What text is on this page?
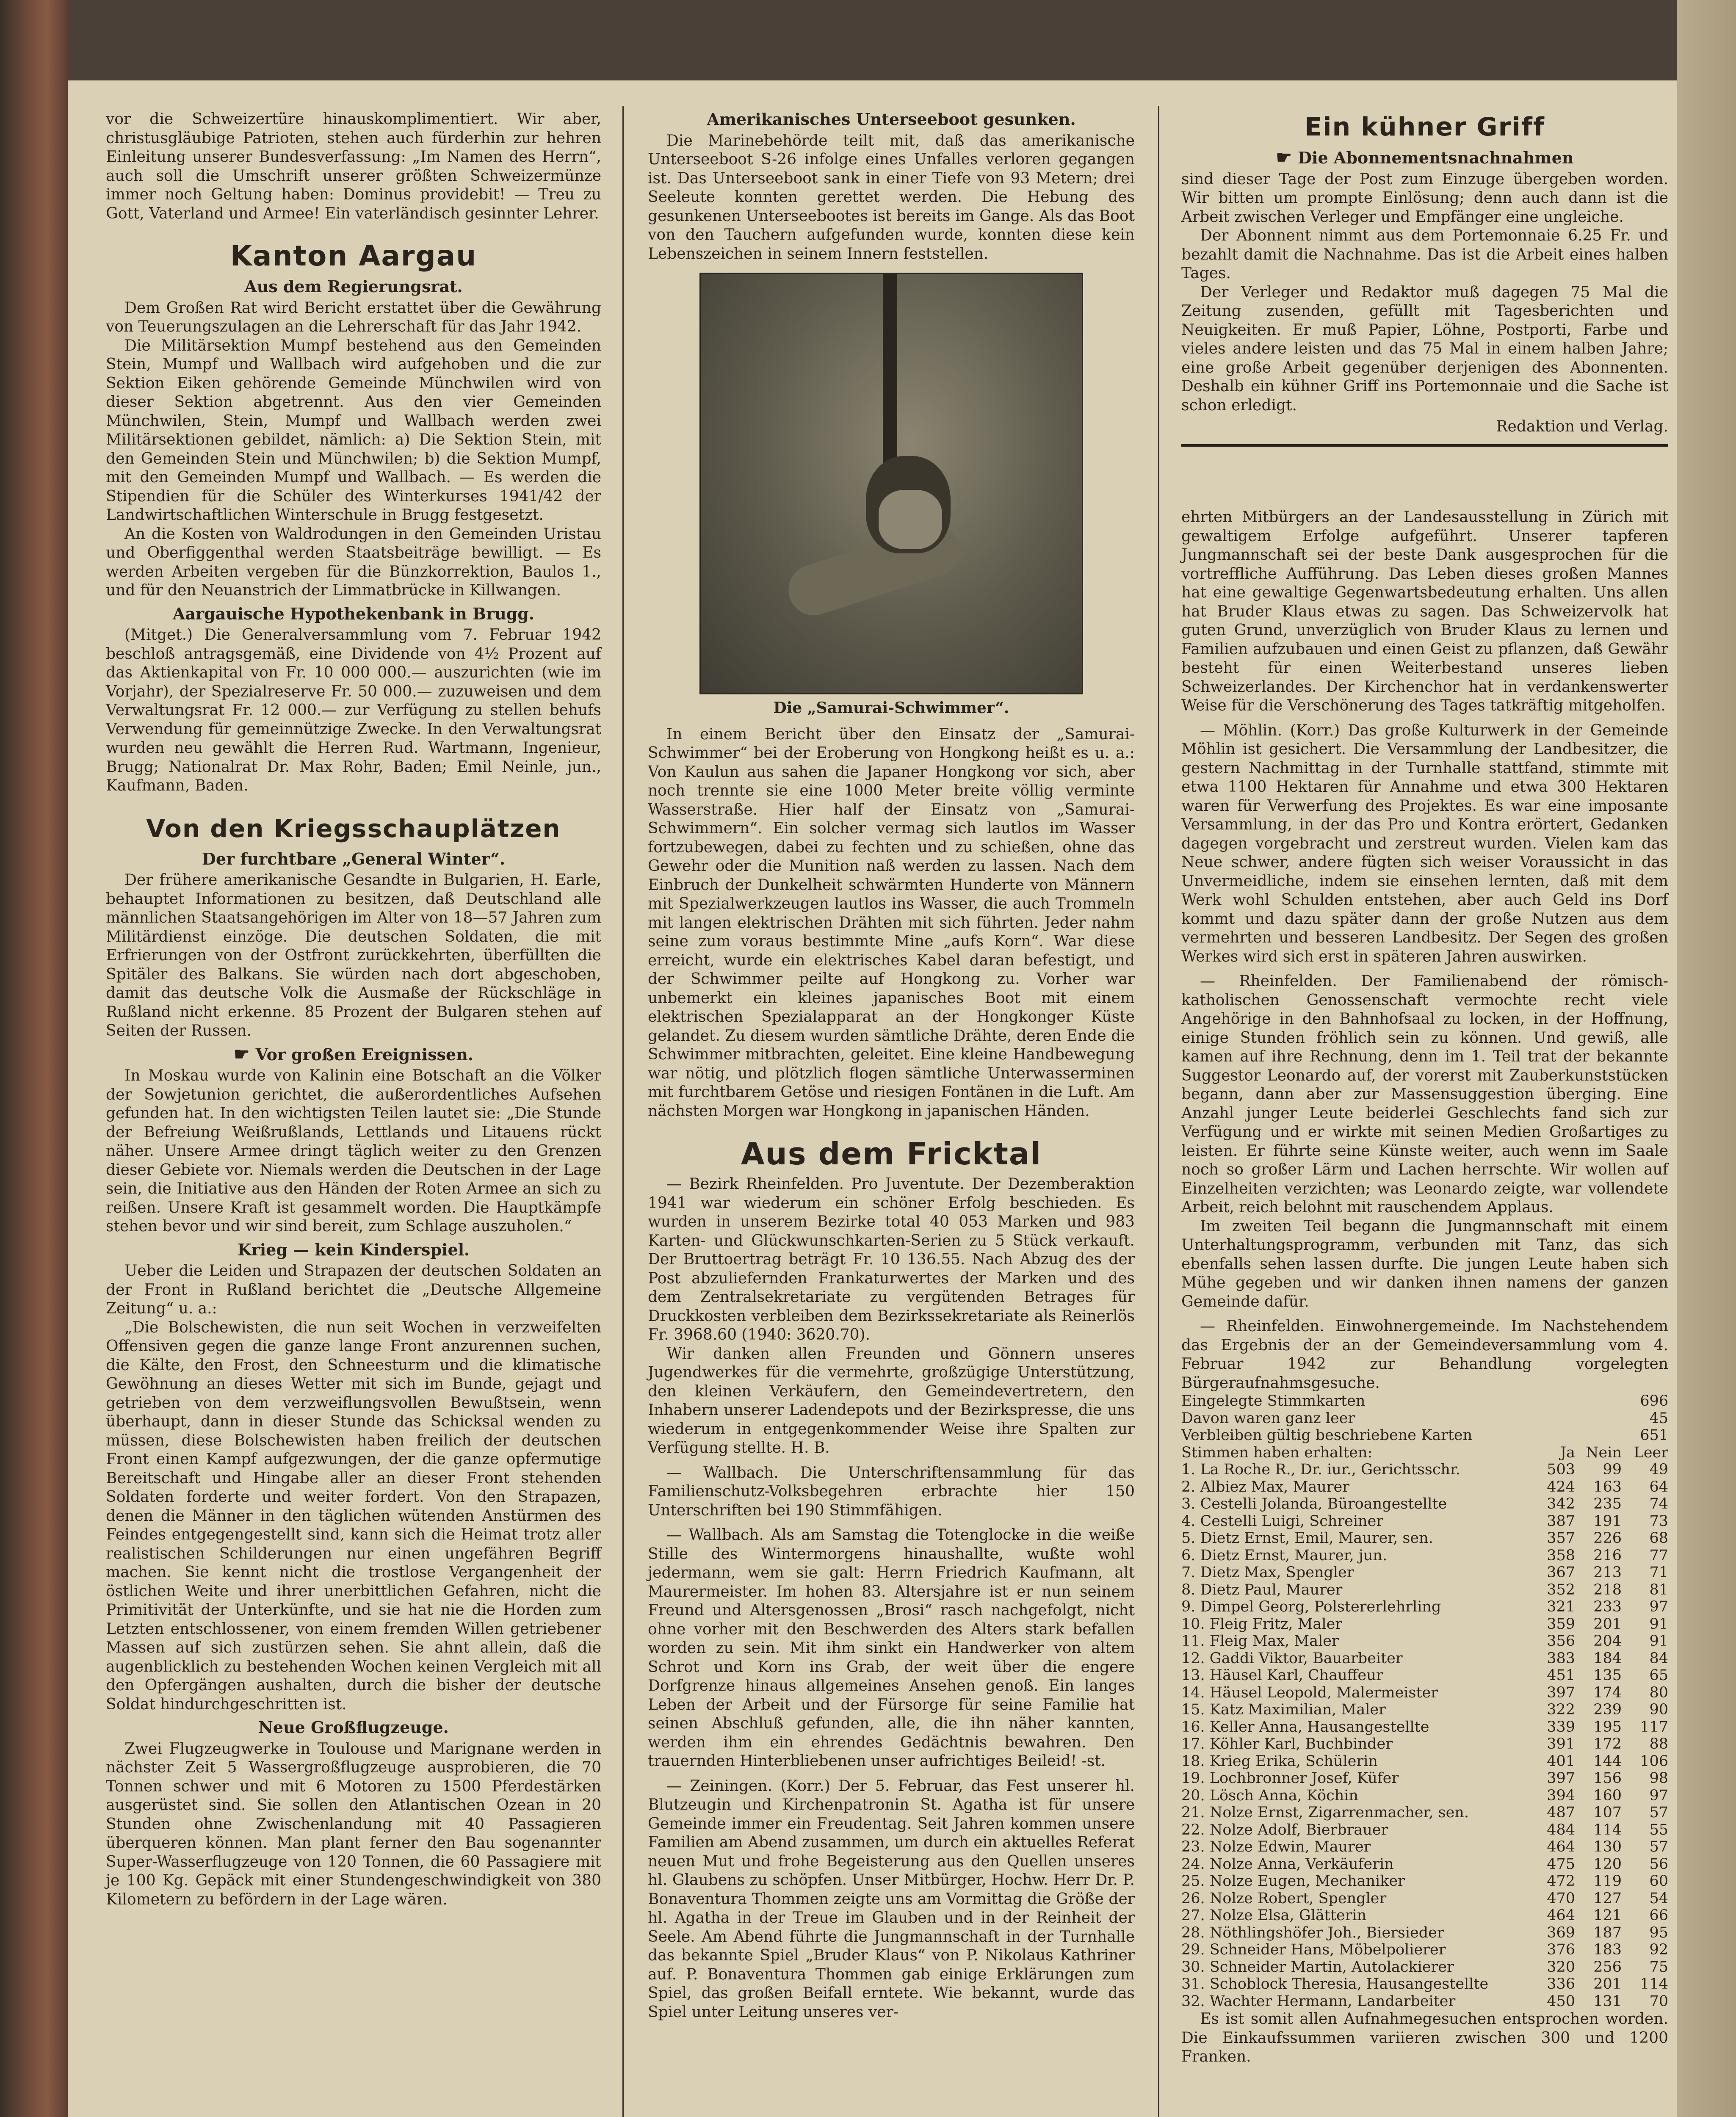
vor die Schweizertüre hinauskomplimentiert. Wir aber, christusgläubige Patrioten, stehen auch fürderhin zur hehren Einleitung unserer Bundesverfassung: „Im Namen des Herrn“, auch soll die Umschrift unserer größten Schweizermünze immer noch Geltung haben: Dominus providebit! — Treu zu Gott, Vaterland und Armee! Ein vaterländisch gesinnter Lehrer.

Kanton Aargau
Aus dem Regierungsrat.

Dem Großen Rat wird Bericht erstattet über die Gewährung von Teuerungszulagen an die Lehrerschaft für das Jahr 1942.

Die Militärsektion Mumpf bestehend aus den Gemeinden Stein, Mumpf und Wallbach wird aufgehoben und die zur Sektion Eiken gehörende Gemeinde Münchwilen wird von dieser Sektion abgetrennt. Aus den vier Gemeinden Münchwilen, Stein, Mumpf und Wallbach werden zwei Militärsektionen gebildet, nämlich: a) Die Sektion Stein, mit den Gemeinden Stein und Münchwilen; b) die Sektion Mumpf, mit den Gemeinden Mumpf und Wallbach. — Es werden die Stipendien für die Schüler des Winterkurses 1941/42 der Landwirtschaftlichen Winterschule in Brugg festgesetzt.

An die Kosten von Waldrodungen in den Gemeinden Uristau und Oberfiggenthal werden Staatsbeiträge bewilligt. — Es werden Arbeiten vergeben für die Bünzkorrektion, Baulos 1., und für den Neuanstrich der Limmatbrücke in Killwangen.

Aargauische Hypothekenbank in Brugg.

(Mitget.) Die Generalversammlung vom 7. Februar 1942 beschloß antragsgemäß, eine Dividende von 4½ Prozent auf das Aktienkapital von Fr. 10 000 000.— auszurichten (wie im Vorjahr), der Spezialreserve Fr. 50 000.— zuzuweisen und dem Verwaltungsrat Fr. 12 000.— zur Verfügung zu stellen behufs Verwendung für gemeinnützige Zwecke. In den Verwaltungsrat wurden neu gewählt die Herren Rud. Wartmann, Ingenieur, Brugg; Nationalrat Dr. Max Rohr, Baden; Emil Neinle, jun., Kaufmann, Baden.

Von den Kriegsschauplätzen
Der furchtbare „General Winter“.

Der frühere amerikanische Gesandte in Bulgarien, H. Earle, behauptet Informationen zu besitzen, daß Deutschland alle männlichen Staatsangehörigen im Alter von 18—57 Jahren zum Militärdienst einzöge. Die deutschen Soldaten, die mit Erfrierungen von der Ostfront zurückkehrten, überfüllten die Spitäler des Balkans. Sie würden nach dort abgeschoben, damit das deutsche Volk die Ausmaße der Rückschläge in Rußland nicht erkenne. 85 Prozent der Bulgaren stehen auf Seiten der Russen.

☛ Vor großen Ereignissen.

In Moskau wurde von Kalinin eine Botschaft an die Völker der Sowjetunion gerichtet, die außerordentliches Aufsehen gefunden hat. In den wichtigsten Teilen lautet sie: „Die Stunde der Befreiung Weißrußlands, Lettlands und Litauens rückt näher. Unsere Armee dringt täglich weiter zu den Grenzen dieser Gebiete vor. Niemals werden die Deutschen in der Lage sein, die Initiative aus den Händen der Roten Armee an sich zu reißen. Unsere Kraft ist gesammelt worden. Die Hauptkämpfe stehen bevor und wir sind bereit, zum Schlage auszuholen.“

Krieg — kein Kinderspiel.

Ueber die Leiden und Strapazen der deutschen Soldaten an der Front in Rußland berichtet die „Deutsche Allgemeine Zeitung“ u. a.:

„Die Bolschewisten, die nun seit Wochen in verzweifelten Offensiven gegen die ganze lange Front anzurennen suchen, die Kälte, den Frost, den Schneesturm und die klimatische Gewöhnung an dieses Wetter mit sich im Bunde, gejagt und getrieben von dem verzweiflungsvollen Bewußtsein, wenn überhaupt, dann in dieser Stunde das Schicksal wenden zu müssen, diese Bolschewisten haben freilich der deutschen Front einen Kampf aufgezwungen, der die ganze opfermutige Bereitschaft und Hingabe aller an dieser Front stehenden Soldaten forderte und weiter fordert. Von den Strapazen, denen die Männer in den täglichen wütenden Anstürmen des Feindes entgegengestellt sind, kann sich die Heimat trotz aller realistischen Schilderungen nur einen ungefähren Begriff machen. Sie kennt nicht die trostlose Vergangenheit der östlichen Weite und ihrer unerbittlichen Gefahren, nicht die Primitivität der Unterkünfte, und sie hat nie die Horden zum Letzten entschlossener, von einem fremden Willen getriebener Massen auf sich zustürzen sehen. Sie ahnt allein, daß die augenblicklich zu bestehenden Wochen keinen Vergleich mit all den Opfergängen aushalten, durch die bisher der deutsche Soldat hindurchgeschritten ist.

Neue Großflugzeuge.

Zwei Flugzeugwerke in Toulouse und Marignane werden in nächster Zeit 5 Wassergroßflugzeuge ausprobieren, die 70 Tonnen schwer und mit 6 Motoren zu 1500 Pferdestärken ausgerüstet sind. Sie sollen den Atlantischen Ozean in 20 Stunden ohne Zwischenlandung mit 40 Passagieren überqueren können. Man plant ferner den Bau sogenannter Super-Wasserflugzeuge von 120 Tonnen, die 60 Passagiere mit je 100 Kg. Gepäck mit einer Stundengeschwindigkeit von 380 Kilometern zu befördern in der Lage wären.

Amerikanisches Unterseeboot gesunken.

Die Marinebehörde teilt mit, daß das amerikanische Unterseeboot S-26 infolge eines Unfalles verloren gegangen ist. Das Unterseeboot sank in einer Tiefe von 93 Metern; drei Seeleute konnten gerettet werden. Die Hebung des gesunkenen Unterseebootes ist bereits im Gange. Als das Boot von den Tauchern aufgefunden wurde, konnten diese kein Lebenszeichen in seinem Innern feststellen.

Die „Samurai-Schwimmer“.

In einem Bericht über den Einsatz der „Samurai-Schwimmer“ bei der Eroberung von Hongkong heißt es u. a.: Von Kaulun aus sahen die Japaner Hongkong vor sich, aber noch trennte sie eine 1000 Meter breite völlig verminte Wasserstraße. Hier half der Einsatz von „Samurai-Schwimmern“. Ein solcher vermag sich lautlos im Wasser fortzubewegen, dabei zu fechten und zu schießen, ohne das Gewehr oder die Munition naß werden zu lassen. Nach dem Einbruch der Dunkelheit schwärmten Hunderte von Männern mit Spezialwerkzeugen lautlos ins Wasser, die auch Trommeln mit langen elektrischen Drähten mit sich führten. Jeder nahm seine zum voraus bestimmte Mine „aufs Korn“. War diese erreicht, wurde ein elektrisches Kabel daran befestigt, und der Schwimmer peilte auf Hongkong zu. Vorher war unbemerkt ein kleines japanisches Boot mit einem elektrischen Spezialapparat an der Hongkonger Küste gelandet. Zu diesem wurden sämtliche Drähte, deren Ende die Schwimmer mitbrachten, geleitet. Eine kleine Handbewegung war nötig, und plötzlich flogen sämtliche Unterwasserminen mit furchtbarem Getöse und riesigen Fontänen in die Luft. Am nächsten Morgen war Hongkong in japanischen Händen.

Aus dem Fricktal

— Bezirk Rheinfelden. Pro Juventute. Der Dezemberaktion 1941 war wiederum ein schöner Erfolg beschieden. Es wurden in unserem Bezirke total 40 053 Marken und 983 Karten- und Glückwunschkarten-Serien zu 5 Stück verkauft. Der Bruttoertrag beträgt Fr. 10 136.55. Nach Abzug des der Post abzuliefernden Frankaturwertes der Marken und des dem Zentralsekretariate zu vergütenden Betrages für Druckkosten verbleiben dem Bezirkssekretariate als Reinerlös Fr. 3968.60 (1940: 3620.70).

Wir danken allen Freunden und Gönnern unseres Jugendwerkes für die vermehrte, großzügige Unterstützung, den kleinen Verkäufern, den Gemeindevertretern, den Inhabern unserer Ladendepots und der Bezirkspresse, die uns wiederum in entgegenkommender Weise ihre Spalten zur Verfügung stellte. H. B.

— Wallbach. Die Unterschriftensammlung für das Familienschutz-Volksbegehren erbrachte hier 150 Unterschriften bei 190 Stimmfähigen.

— Wallbach. Als am Samstag die Totenglocke in die weiße Stille des Wintermorgens hinaushallte, wußte wohl jedermann, wem sie galt: Herrn Friedrich Kaufmann, alt Maurermeister. Im hohen 83. Altersjahre ist er nun seinem Freund und Altersgenossen „Brosi“ rasch nachgefolgt, nicht ohne vorher mit den Beschwerden des Alters stark befallen worden zu sein. Mit ihm sinkt ein Handwerker von altem Schrot und Korn ins Grab, der weit über die engere Dorfgrenze hinaus allgemeines Ansehen genoß. Ein langes Leben der Arbeit und der Fürsorge für seine Familie hat seinen Abschluß gefunden, alle, die ihn näher kannten, werden ihm ein ehrendes Gedächtnis bewahren. Den trauernden Hinterbliebenen unser aufrichtiges Beileid! -st.

— Zeiningen. (Korr.) Der 5. Februar, das Fest unserer hl. Blutzeugin und Kirchenpatronin St. Agatha ist für unsere Gemeinde immer ein Freudentag. Seit Jahren kommen unsere Familien am Abend zusammen, um durch ein aktuelles Referat neuen Mut und frohe Begeisterung aus den Quellen unseres hl. Glaubens zu schöpfen. Unser Mitbürger, Hochw. Herr Dr. P. Bonaventura Thommen zeigte uns am Vormittag die Größe der hl. Agatha in der Treue im Glauben und in der Reinheit der Seele. Am Abend führte die Jungmannschaft in der Turnhalle das bekannte Spiel „Bruder Klaus“ von P. Nikolaus Kathriner auf. P. Bonaventura Thommen gab einige Erklärungen zum Spiel, das großen Beifall erntete. Wie bekannt, wurde das Spiel unter Leitung unseres ver-

Ein kühner Griff
☛ Die Abonnementsnachnahmen

sind dieser Tage der Post zum Einzuge übergeben worden. Wir bitten um prompte Einlösung; denn auch dann ist die Arbeit zwischen Verleger und Empfänger eine ungleiche.

Der Abonnent nimmt aus dem Portemonnaie 6.25 Fr. und bezahlt damit die Nachnahme. Das ist die Arbeit eines halben Tages.

Der Verleger und Redaktor muß dagegen 75 Mal die Zeitung zusenden, gefüllt mit Tagesberichten und Neuigkeiten. Er muß Papier, Löhne, Postporti, Farbe und vieles andere leisten und das 75 Mal in einem halben Jahre; eine große Arbeit gegenüber derjenigen des Abonnenten. Deshalb ein kühner Griff ins Portemonnaie und die Sache ist schon erledigt.

Redaktion und Verlag.

ehrten Mitbürgers an der Landesausstellung in Zürich mit gewaltigem Erfolge aufgeführt. Unserer tapferen Jungmannschaft sei der beste Dank ausgesprochen für die vortreffliche Aufführung. Das Leben dieses großen Mannes hat eine gewaltige Gegenwartsbedeutung erhalten. Uns allen hat Bruder Klaus etwas zu sagen. Das Schweizervolk hat guten Grund, unverzüglich von Bruder Klaus zu lernen und Familien aufzubauen und einen Geist zu pflanzen, daß Gewähr besteht für einen Weiterbestand unseres lieben Schweizerlandes. Der Kirchenchor hat in verdankenswerter Weise für die Verschönerung des Tages tatkräftig mitgeholfen.

— Möhlin. (Korr.) Das große Kulturwerk in der Gemeinde Möhlin ist gesichert. Die Versammlung der Landbesitzer, die gestern Nachmittag in der Turnhalle stattfand, stimmte mit etwa 1100 Hektaren für Annahme und etwa 300 Hektaren waren für Verwerfung des Projektes. Es war eine imposante Versammlung, in der das Pro und Kontra erörtert, Gedanken dagegen vorgebracht und zerstreut wurden. Vielen kam das Neue schwer, andere fügten sich weiser Voraussicht in das Unvermeidliche, indem sie einsehen lernten, daß mit dem Werk wohl Schulden entstehen, aber auch Geld ins Dorf kommt und dazu später dann der große Nutzen aus dem vermehrten und besseren Landbesitz. Der Segen des großen Werkes wird sich erst in späteren Jahren auswirken.

— Rheinfelden. Der Familienabend der römisch-katholischen Genossenschaft vermochte recht viele Angehörige in den Bahnhofsaal zu locken, in der Hoffnung, einige Stunden fröhlich sein zu können. Und gewiß, alle kamen auf ihre Rechnung, denn im 1. Teil trat der bekannte Suggestor Leonardo auf, der vorerst mit Zauberkunststücken begann, dann aber zur Massensuggestion überging. Eine Anzahl junger Leute beiderlei Geschlechts fand sich zur Verfügung und er wirkte mit seinen Medien Großartiges zu leisten. Er führte seine Künste weiter, auch wenn im Saale noch so großer Lärm und Lachen herrschte. Wir wollen auf Einzelheiten verzichten; was Leonardo zeigte, war vollendete Arbeit, reich belohnt mit rauschendem Applaus.

Im zweiten Teil begann die Jungmannschaft mit einem Unterhaltungsprogramm, verbunden mit Tanz, das sich ebenfalls sehen lassen durfte. Die jungen Leute haben sich Mühe gegeben und wir danken ihnen namens der ganzen Gemeinde dafür.

— Rheinfelden. Einwohnergemeinde. Im Nachstehendem das Ergebnis der an der Gemeindeversammlung vom 4. Februar 1942 zur Behandlung vorgelegten Bürgeraufnahmsgesuche.

Eingelegte Stimmkarten	696
Davon waren ganz leer	45
Verbleiben gültig beschriebene Karten	651
Stimmen haben erhalten:	Ja	Nein	Leer
1. La Roche R., Dr. iur., Gerichtsschr.	503	99	49
2. Albiez Max, Maurer	424	163	64
3. Cestelli Jolanda, Büroangestellte	342	235	74
4. Cestelli Luigi, Schreiner	387	191	73
5. Dietz Ernst, Emil, Maurer, sen.	357	226	68
6. Dietz Ernst, Maurer, jun.	358	216	77
7. Dietz Max, Spengler	367	213	71
8. Dietz Paul, Maurer	352	218	81
9. Dimpel Georg, Polstererlehrling	321	233	97
10. Fleig Fritz, Maler	359	201	91
11. Fleig Max, Maler	356	204	91
12. Gaddi Viktor, Bauarbeiter	383	184	84
13. Häusel Karl, Chauffeur	451	135	65
14. Häusel Leopold, Malermeister	397	174	80
15. Katz Maximilian, Maler	322	239	90
16. Keller Anna, Hausangestellte	339	195	117
17. Köhler Karl, Buchbinder	391	172	88
18. Krieg Erika, Schülerin	401	144	106
19. Lochbronner Josef, Küfer	397	156	98
20. Lösch Anna, Köchin	394	160	97
21. Nolze Ernst, Zigarrenmacher, sen.	487	107	57
22. Nolze Adolf, Bierbrauer	484	114	55
23. Nolze Edwin, Maurer	464	130	57
24. Nolze Anna, Verkäuferin	475	120	56
25. Nolze Eugen, Mechaniker	472	119	60
26. Nolze Robert, Spengler	470	127	54
27. Nolze Elsa, Glätterin	464	121	66
28. Nöthlingshöfer Joh., Biersieder	369	187	95
29. Schneider Hans, Möbelpolierer	376	183	92
30. Schneider Martin, Autolackierer	320	256	75
31. Schoblock Theresia, Hausangestellte	336	201	114
32. Wachter Hermann, Landarbeiter	450	131	70

Es ist somit allen Aufnahmegesuchen entsprochen worden. Die Einkaufssummen variieren zwischen 300 und 1200 Franken.
